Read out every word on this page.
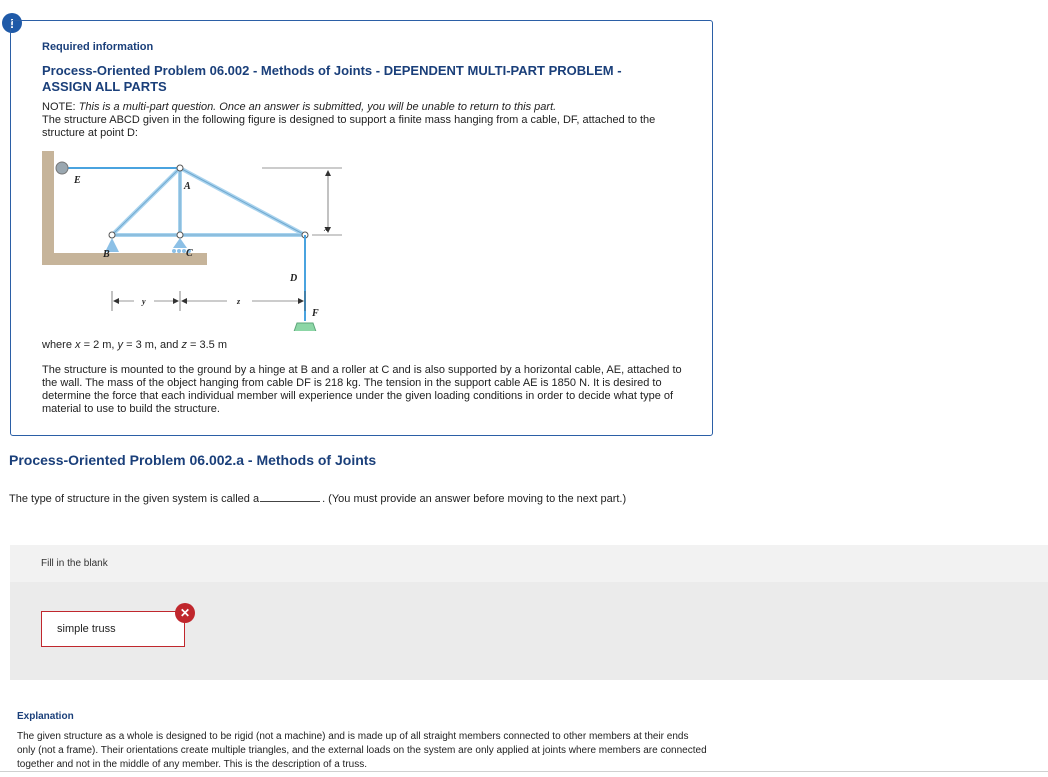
!
Required information
Process-Oriented Problem 06.002 - Methods of Joints - DEPENDENT MULTI-PART PROBLEM - ASSIGN ALL PARTS
NOTE: This is a multi-part question. Once an answer is submitted, you will be unable to return to this part.
The structure ABCD given in the following figure is designed to support a finite mass hanging from a cable, DF, attached to the structure at point D:
E
A
B	C
D
F
x
y	z
where x = 2 m, y = 3 m, and z = 3.5 m
The structure is mounted to the ground by a hinge at B and a roller at C and is also supported by a horizontal cable, AE, attached to the wall. The mass of the object hanging from cable DF is 218 kg. The tension in the support cable AE is 1850 N. It is desired to determine the force that each individual member will experience under the given loading conditions in order to decide what type of material to use to build the structure.
Process-Oriented Problem 06.002.a - Methods of Joints
The type of structure in the given system is called a	. (You must provide an answer before moving to the next part.)
Fill in the blank
simple truss
✕
Explanation
The given structure as a whole is designed to be rigid (not a machine) and is made up of all straight members connected to other members at their ends only (not a frame). Their orientations create multiple triangles, and the external loads on the system are only applied at joints where members are connected together and not in the middle of any member. This is the description of a truss.
